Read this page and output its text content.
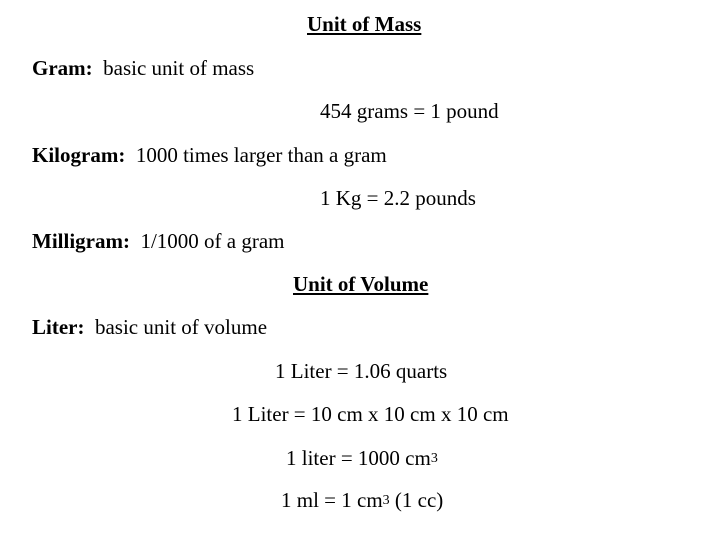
Unit of Mass
Gram: basic unit of mass
454 grams = 1 pound
Kilogram: 1000 times larger than a gram
1 Kg = 2.2 pounds
Milligram: 1/1000 of a gram
Unit of Volume
Liter: basic unit of volume
1 Liter = 1.06 quarts
1 Liter = 10 cm x 10 cm x 10 cm
1 liter = 1000 $cm^3$
1 ml = 1 $cm^3$ (1 cc)
